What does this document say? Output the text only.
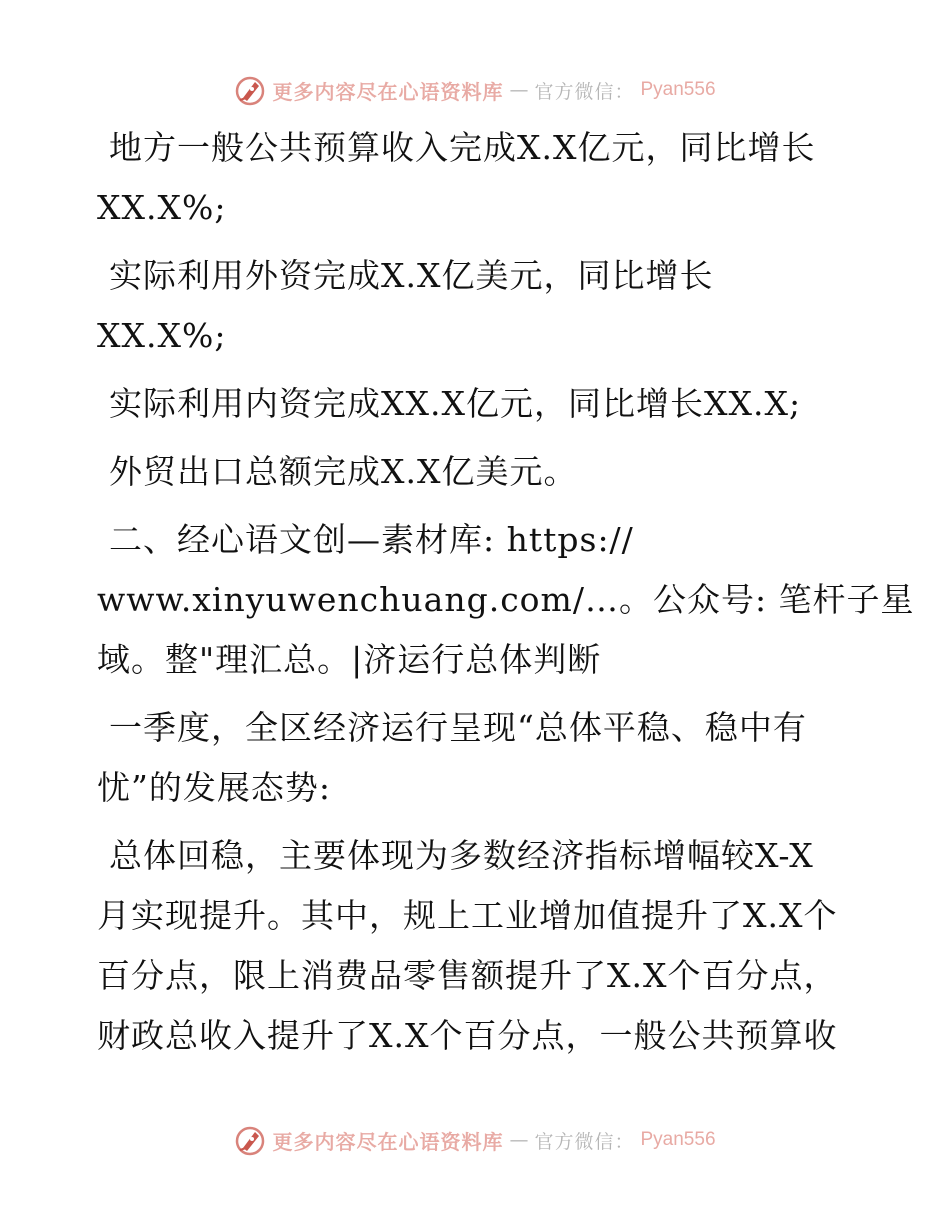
更多内容尽在心语资料库 — 官方微信： Pyan556
地方一般公共预算收入完成X.X亿元，同比增长
XX.X%;
实际利用外资完成X.X亿美元，同比增长
XX.X%;
实际利用内资完成XX.X亿元，同比增长XX.X;
外贸出口总额完成X.X亿美元。
二、经心语文创—素材库: https://
www.xinyuwenchuang.com/…。公众号: 笔杆子星
域。整"理汇总。|济运行总体判断
一季度，全区经济运行呈现“总体平稳、稳中有
忧”的发展态势:
总体回稳，主要体现为多数经济指标增幅较X-X
月实现提升。其中，规上工业增加值提升了X.X个
百分点，限上消费品零售额提升了X.X个百分点，
财政总收入提升了X.X个百分点，一般公共预算收
更多内容尽在心语资料库 — 官方微信： Pyan556
